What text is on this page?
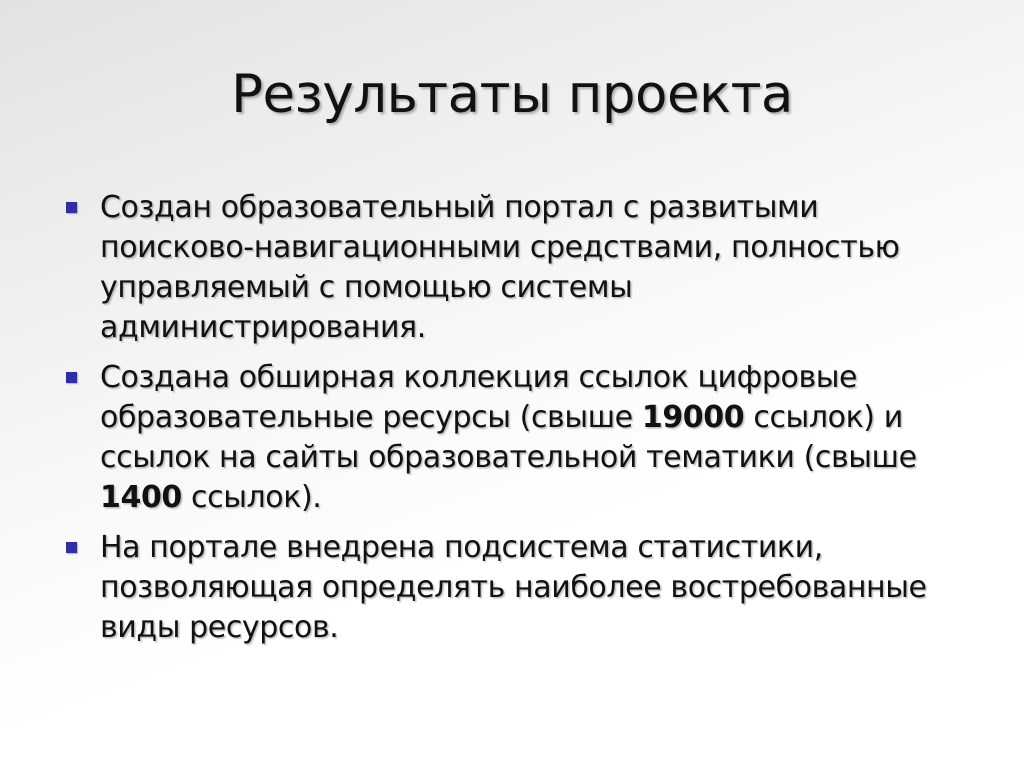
Результаты проекта
Создан образовательный портал с развитыми поисково-навигационными средствами, полностью управляемый с помощью системы администрирования.
Создана обширная коллекция ссылок цифровые образовательные ресурсы (свыше 19000 ссылок) и ссылок на сайты образовательной тематики (свыше 1400 ссылок).
На портале внедрена подсистема статистики, позволяющая определять наиболее востребованные виды ресурсов.
